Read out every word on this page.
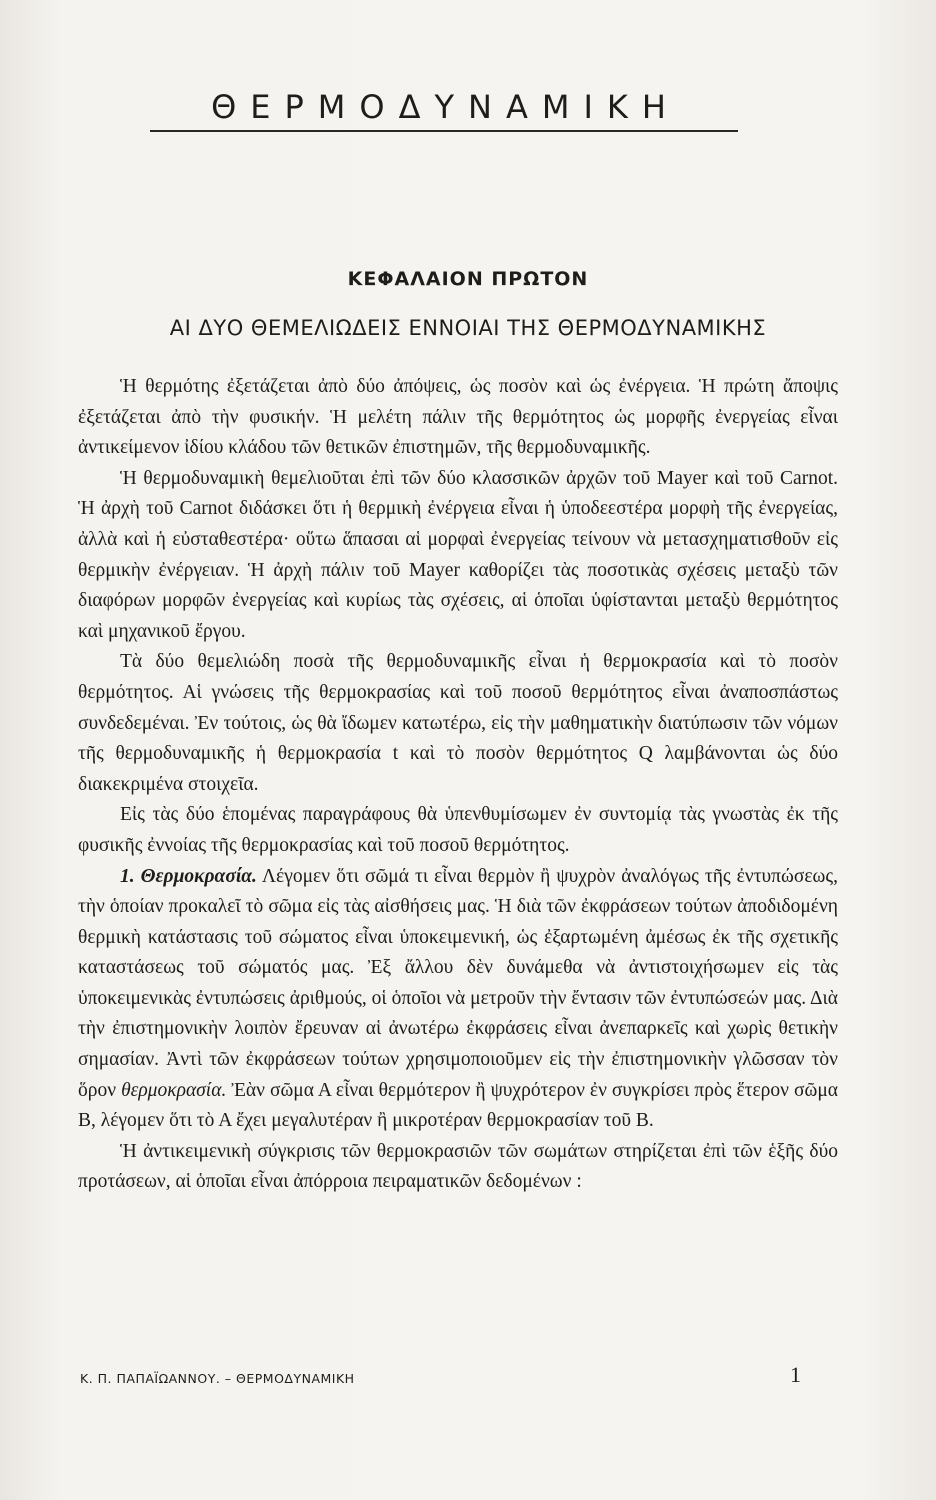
ΘΕΡΜΟΔΥΝΑΜΙΚΗ
ΚΕΦΑΛΑΙΟΝ ΠΡΩΤΟΝ
ΑΙ ΔΥΟ ΘΕΜΕΛΙΩΔΕΙΣ ΕΝΝΟΙΑΙ ΤΗΣ ΘΕΡΜΟΔΥΝΑΜΙΚΗΣ

Ἡ θερμότης ἐξετάζεται ἀπὸ δύο ἀπόψεις, ὡς ποσὸν καὶ ὡς ἐνέργεια. Ἡ πρώτη ἄποψις ἐξετάζεται ἀπὸ τὴν φυσικήν. Ἡ μελέτη πάλιν τῆς θερμότητος ὡς μορφῆς ἐνεργείας εἶναι ἀντικείμενον ἰδίου κλάδου τῶν θετικῶν ἐπιστημῶν, τῆς θερμοδυναμικῆς.

Ἡ θερμοδυναμικὴ θεμελιοῦται ἐπὶ τῶν δύο κλασσικῶν ἀρχῶν τοῦ Mayer καὶ τοῦ Carnot. Ἡ ἀρχὴ τοῦ Carnot διδάσκει ὅτι ἡ θερμικὴ ἐνέργεια εἶναι ἡ ὑποδεεστέρα μορφὴ τῆς ἐνεργείας, ἀλλὰ καὶ ἡ εὐσταθεστέρα· οὕτω ἅπασαι αἱ μορφαὶ ἐνεργείας τείνουν νὰ μετασχηματισθοῦν εἰς θερμικὴν ἐνέργειαν. Ἡ ἀρχὴ πάλιν τοῦ Mayer καθορίζει τὰς ποσοτικὰς σχέσεις μεταξὺ τῶν διαφόρων μορφῶν ἐνεργείας καὶ κυρίως τὰς σχέσεις, αἱ ὁποῖαι ὑφίστανται μεταξὺ θερμότητος καὶ μηχανικοῦ ἔργου.

Τὰ δύο θεμελιώδη ποσὰ τῆς θερμοδυναμικῆς εἶναι ἡ θερμοκρασία καὶ τὸ ποσὸν θερμότητος. Αἱ γνώσεις τῆς θερμοκρασίας καὶ τοῦ ποσοῦ θερμότητος εἶναι ἀναποσπάστως συνδεδεμέναι. Ἐν τούτοις, ὡς θὰ ἴδωμεν κατωτέρω, εἰς τὴν μαθηματικὴν διατύπωσιν τῶν νόμων τῆς θερμοδυναμικῆς ἡ θερμοκρασία t καὶ τὸ ποσὸν θερμότητος Q λαμβάνονται ὡς δύο διακεκριμένα στοιχεῖα.

Εἰς τὰς δύο ἑπομένας παραγράφους θὰ ὑπενθυμίσωμεν ἐν συντομίᾳ τὰς γνωστὰς ἐκ τῆς φυσικῆς ἐννοίας τῆς θερμοκρασίας καὶ τοῦ ποσοῦ θερμότητος.

1. Θερμοκρασία. Λέγομεν ὅτι σῶμά τι εἶναι θερμὸν ἢ ψυχρὸν ἀναλόγως τῆς ἐντυπώσεως, τὴν ὁποίαν προκαλεῖ τὸ σῶμα εἰς τὰς αἰσθήσεις μας. Ἡ διὰ τῶν ἐκφράσεων τούτων ἀποδιδομένη θερμικὴ κατάστασις τοῦ σώματος εἶναι ὑποκειμενική, ὡς ἐξαρτωμένη ἀμέσως ἐκ τῆς σχετικῆς καταστάσεως τοῦ σώματός μας. Ἐξ ἄλλου δὲν δυνάμεθα νὰ ἀντιστοιχήσωμεν εἰς τὰς ὑποκειμενικὰς ἐντυπώσεις ἀριθμούς, οἱ ὁποῖοι νὰ μετροῦν τὴν ἔντασιν τῶν ἐντυπώσεών μας. Διὰ τὴν ἐπιστημονικὴν λοιπὸν ἔρευναν αἱ ἀνωτέρω ἐκφράσεις εἶναι ἀνεπαρκεῖς καὶ χωρὶς θετικὴν σημασίαν. Ἀντὶ τῶν ἐκφράσεων τούτων χρησιμοποιοῦμεν εἰς τὴν ἐπιστημονικὴν γλῶσσαν τὸν ὅρον θερμοκρασία. Ἐὰν σῶμα Α εἶναι θερμότερον ἢ ψυχρότερον ἐν συγκρίσει πρὸς ἕτερον σῶμα Β, λέγομεν ὅτι τὸ Α ἔχει μεγαλυτέραν ἢ μικροτέραν θερμοκρασίαν τοῦ Β.

Ἡ ἀντικειμενικὴ σύγκρισις τῶν θερμοκρασιῶν τῶν σωμάτων στηρίζεται ἐπὶ τῶν ἑξῆς δύο προτάσεων, αἱ ὁποῖαι εἶναι ἀπόρροια πειραματικῶν δεδομένων :

Κ. Π. ΠΑΠΑΪΩΑΝΝΟΥ. – ΘΕΡΜΟΔΥΝΑΜΙΚΗ	1
